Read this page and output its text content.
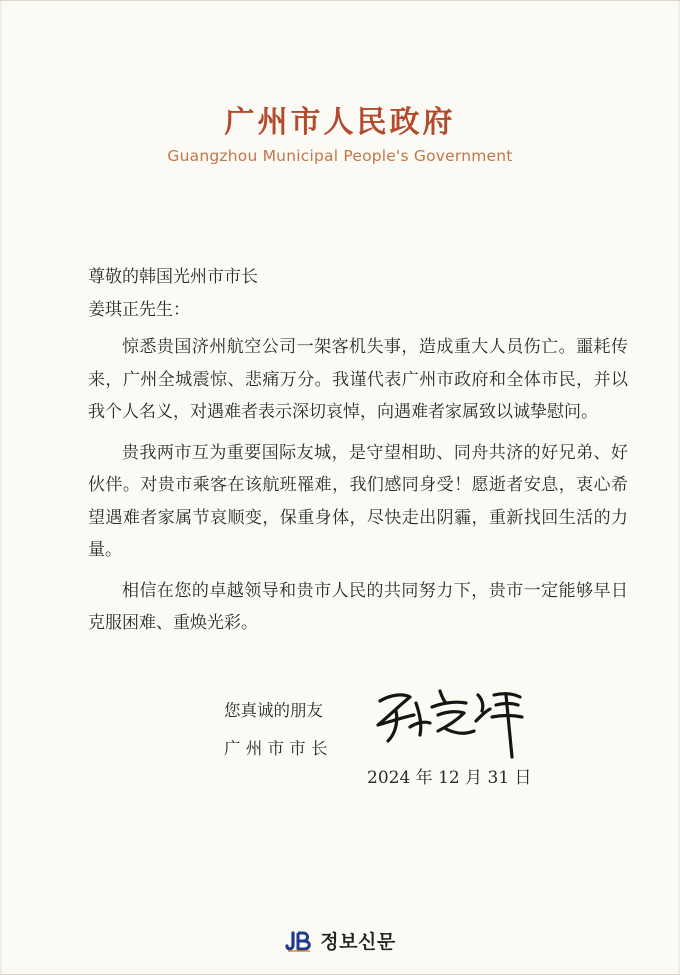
广州市人民政府
Guangzhou Municipal People's Government

尊敬的韩国光州市市长

姜琪正先生：

惊悉贵国济州航空公司一架客机失事，造成重大人员伤亡。噩耗传来，广州全城震惊、悲痛万分。我谨代表广州市政府和全体市民，并以我个人名义，对遇难者表示深切哀悼，向遇难者家属致以诚挚慰问。

贵我两市互为重要国际友城，是守望相助、同舟共济的好兄弟、好伙伴。对贵市乘客在该航班罹难，我们感同身受！愿逝者安息，衷心希望遇难者家属节哀顺变，保重身体，尽快走出阴霾，重新找回生活的力量。

相信在您的卓越领导和贵市人民的共同努力下，贵市一定能够早日克服困难、重焕光彩。

您真诚的朋友
广 州 市 市 长
2024 年 12 月 31 日
정보신문
